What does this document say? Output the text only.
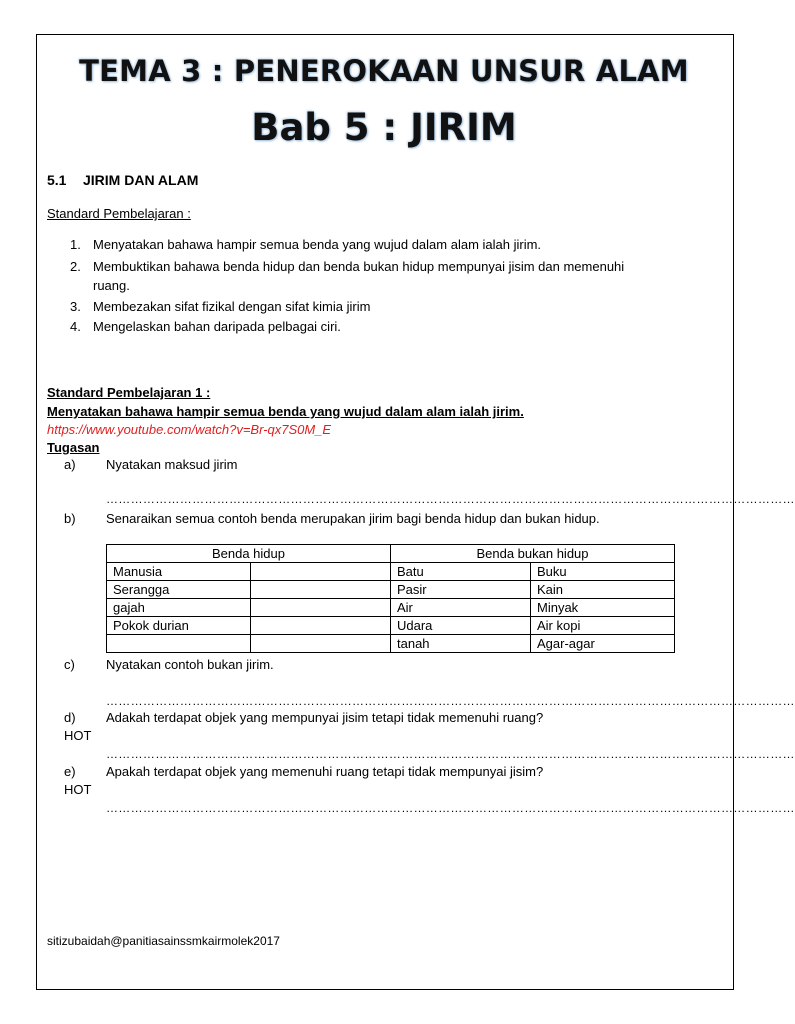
TEMA 3 : PENEROKAAN UNSUR ALAM
Bab 5 : JIRIM
5.1 JIRIM DAN ALAM
Standard Pembelajaran :
1. Menyatakan bahawa hampir semua benda yang wujud dalam alam ialah jirim.
2. Membuktikan bahawa benda hidup dan benda bukan hidup mempunyai jisim dan memenuhi
ruang.
3. Membezakan sifat fizikal dengan sifat kimia jirim
4. Mengelaskan bahan daripada pelbagai ciri.
Standard Pembelajaran 1 :
Menyatakan bahawa hampir semua benda yang wujud dalam alam ialah jirim.
https://www.youtube.com/watch?v=Br-qx7S0M_E
Tugasan
a) Nyatakan maksud jirim
……………………………………………………………………………………………………………………………………………………
b) Senaraikan semua contoh benda merupakan jirim bagi benda hidup dan bukan hidup.
Benda hidup		Benda bukan hidup	
Manusia		Batu	Buku
Serangga		Pasir	Kain
gajah		Air	Minyak
Pokok durian		Udara	Air kopi
		tanah	Agar-agar
c) Nyatakan contoh bukan jirim.
……………………………………………………………………………………………………………………………………………………
d) Adakah terdapat objek yang mempunyai jisim tetapi tidak memenuhi ruang?
HOT
……………………………………………………………………………………………………………………………………………………
e) Apakah terdapat objek yang memenuhi ruang tetapi tidak mempunyai jisim?
HOT
……………………………………………………………………………………………………………………………………………………
sitizubaidah@panitiasainssmkairmolek2017
